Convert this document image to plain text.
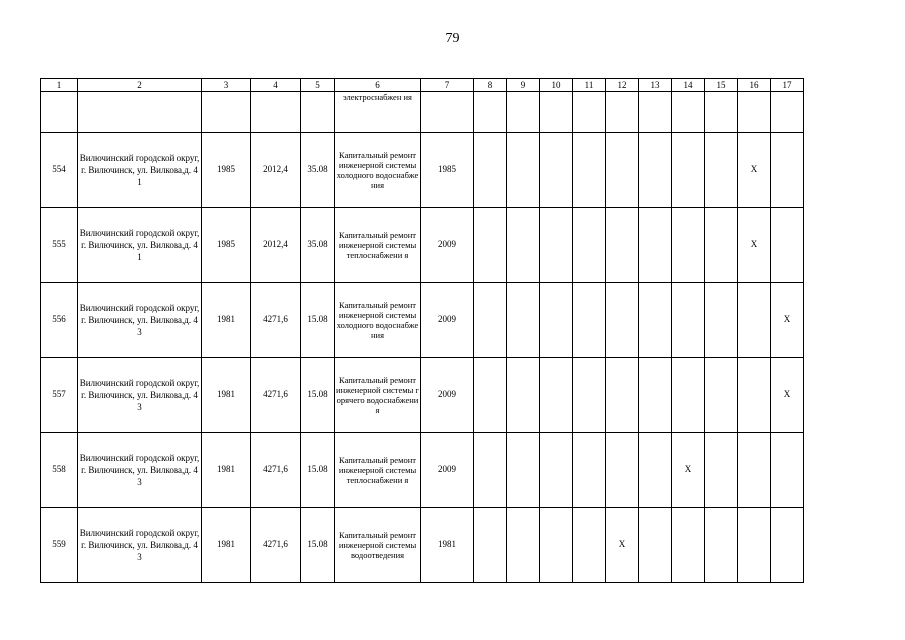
79
1	2	3	4	5	6	7	8	9	10	11	12	13	14	15	16	17
					электроснабжен ия											
554	Вилючинский городской округ, г. Вилючинск, ул. Вилкова,д. 41	1985	2012,4	35.08	Капитальный ремонт инженерной системы холодного водоснабжения	1985									X	
555	Вилючинский городской округ, г. Вилючинск, ул. Вилкова,д. 41	1985	2012,4	35.08	Капитальный ремонт инженерной системы теплоснабжени я	2009									X	
556	Вилючинский городской округ, г. Вилючинск, ул. Вилкова,д. 43	1981	4271,6	15.08	Капитальный ремонт инженерной системы холодного водоснабжения	2009										X
557	Вилючинский городской округ, г. Вилючинск, ул. Вилкова,д. 43	1981	4271,6	15.08	Капитальный ремонт инженерной системы горячего водоснабжения	2009										X
558	Вилючинский городской округ, г. Вилючинск, ул. Вилкова,д. 43	1981	4271,6	15.08	Капитальный ремонт инженерной системы теплоснабжени я	2009							X			
559	Вилючинский городской округ, г. Вилючинск, ул. Вилкова,д. 43	1981	4271,6	15.08	Капитальный ремонт инженерной системы водоотведения	1981					X					
